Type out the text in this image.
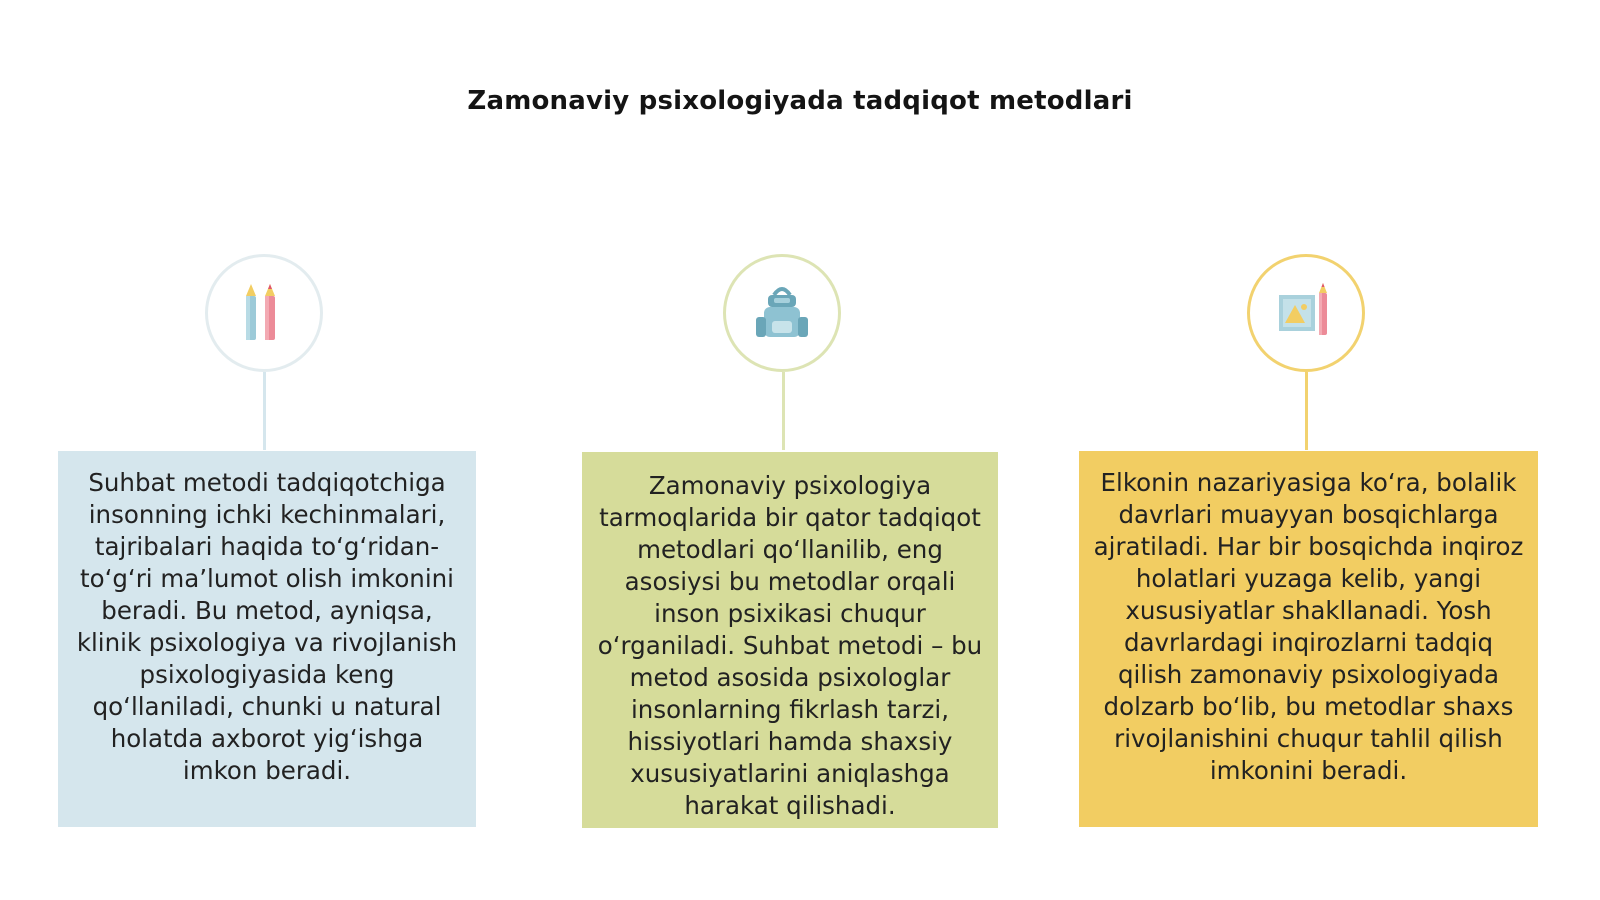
Zamonaviy psixologiyada tadqiqot metodlari
Suhbat metodi tadqiqotchiga insonning ichki kechinmalari, tajribalari haqida to‘g‘ridan-to‘g‘ri ma’lumot olish imkonini beradi. Bu metod, ayniqsa, klinik psixologiya va rivojlanish psixologiyasida keng qo‘llaniladi, chunki u natural holatda axborot yig‘ishga imkon beradi.
Zamonaviy psixologiya tarmoqlarida bir qator tadqiqot metodlari qo‘llanilib, eng asosiysi bu metodlar orqali inson psixikasi chuqur o‘rganiladi. Suhbat metodi – bu metod asosida psixologlar insonlarning fikrlash tarzi, hissiyotlari hamda shaxsiy xususiyatlarini aniqlashga harakat qilishadi.
Elkonin nazariyasiga ko‘ra, bolalik davrlari muayyan bosqichlarga ajratiladi. Har bir bosqichda inqiroz holatlari yuzaga kelib, yangi xususiyatlar shakllanadi. Yosh davrlardagi inqirozlarni tadqiq qilish zamonaviy psixologiyada dolzarb bo‘lib, bu metodlar shaxs rivojlanishini chuqur tahlil qilish imkonini beradi.
